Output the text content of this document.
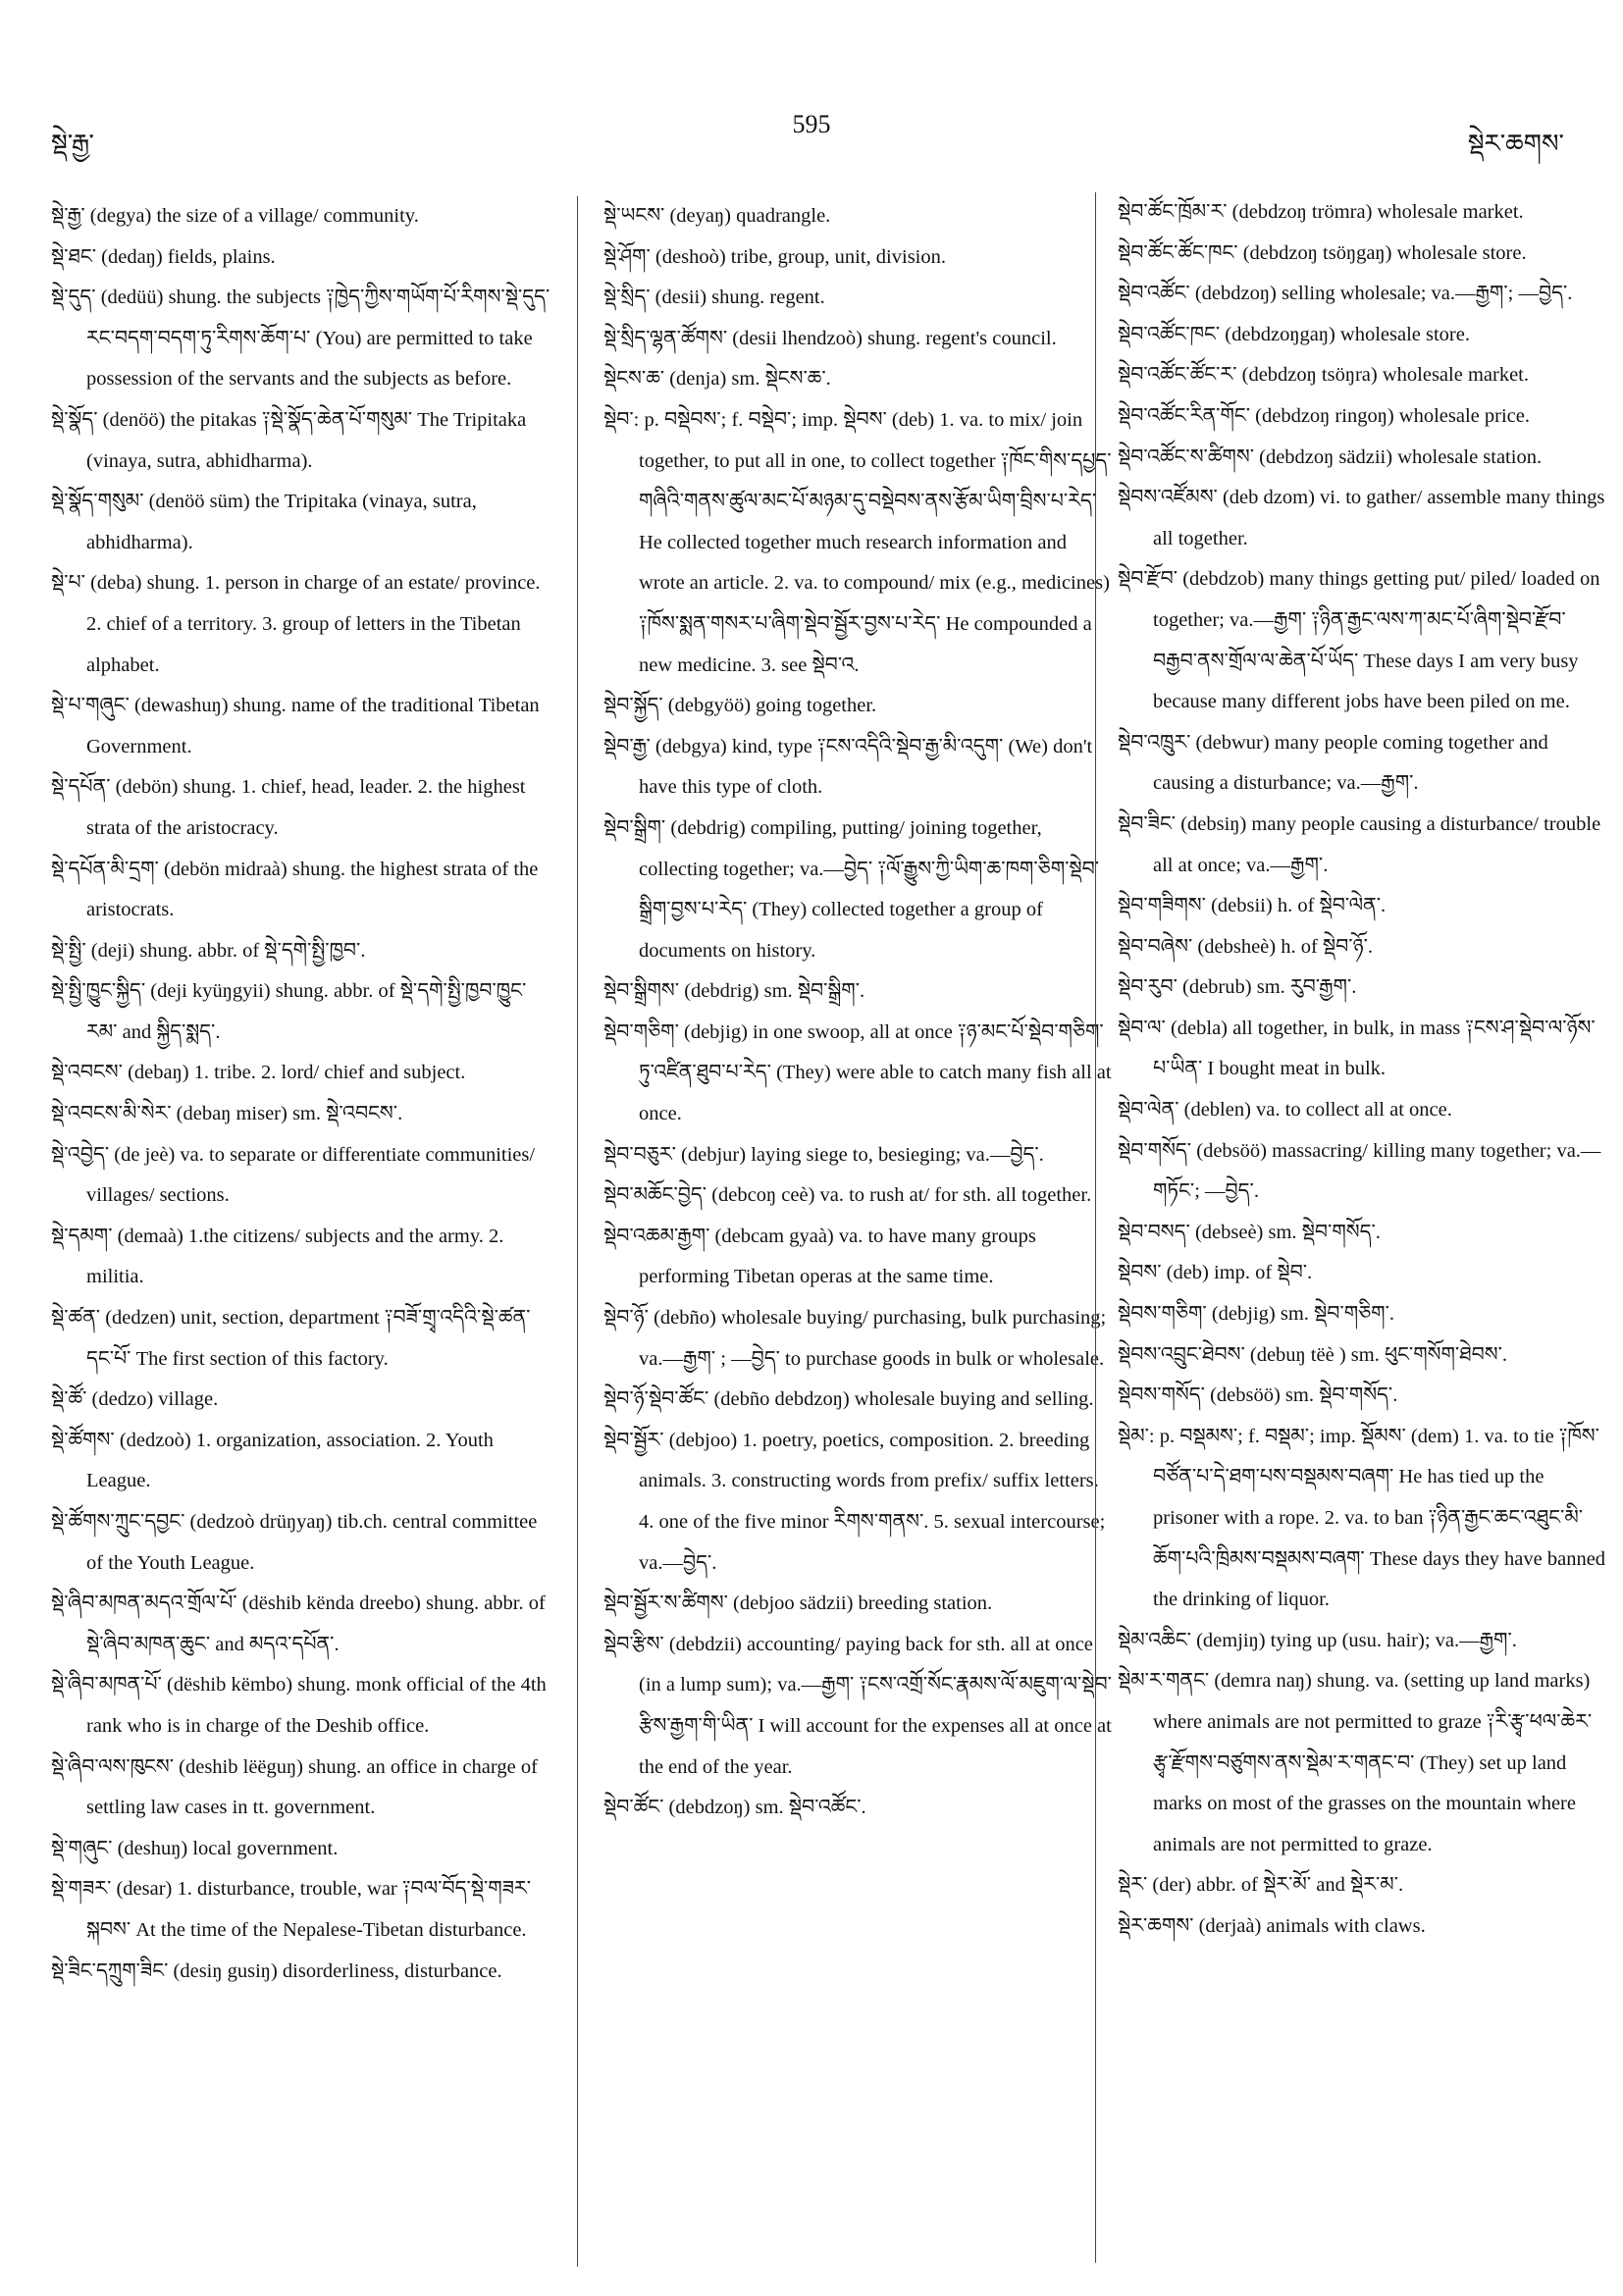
སྡེ་རྒྱ་
595
སྡེར་ཆགས་

སྡེ་རྒྱ་ (degya) the size of a village/ community.

སྡེ་ཐང་ (dedaŋ) fields, plains.

སྡེ་དུད་ (dedüü) shung. the subjects ༑ཁྱེད་ཀྱིས་གཡོག་པོ་རིགས་སྡེ་དུད་རང་བདག་བདག་ཏུ་རིགས་ཆོག་པ་ (You) are permitted to take possession of the servants and the subjects as before.

སྡེ་སྣོད་ (denöö) the pitakas ༑སྡེ་སྣོད་ཆེན་པོ་གསུམ་ The Tripitaka (vinaya, sutra, abhidharma).

སྡེ་སྣོད་གསུམ་ (denöö süm) the Tripitaka (vinaya, sutra, abhidharma).

སྡེ་པ་ (deba) shung. 1. person in charge of an estate/ province. 2. chief of a territory. 3. group of letters in the Tibetan alphabet.

སྡེ་པ་གཞུང་ (dewashuŋ) shung. name of the traditional Tibetan Government.

སྡེ་དཔོན་ (debön) shung. 1. chief, head, leader. 2. the highest strata of the aristocracy.

སྡེ་དཔོན་མི་དྲག་ (debön midraà) shung. the highest strata of the aristocrats.

སྡེ་སྤྱི་ (deji) shung. abbr. of སྡེ་དགེ་སྤྱི་ཁྱབ་.

སྡེ་སྤྱི་ཁྱུང་སྐྱིད་ (deji kyüŋgyii) shung. abbr. of སྡེ་དགེ་སྤྱི་ཁྱབ་ཁྱུང་རམ་ and སྐྱིད་སྨད་.

སྡེ་འབངས་ (debaŋ) 1. tribe. 2. lord/ chief and subject.

སྡེ་འབངས་མི་སེར་ (debaŋ miser) sm. སྡེ་འབངས་.

སྡེ་འབྱེད་ (de jeè) va. to separate or differentiate communities/ villages/ sections.

སྡེ་དམག་ (demaà) 1.the citizens/ subjects and the army. 2. militia.

སྡེ་ཚན་ (dedzen) unit, section, department ༑བཟོ་གྲྭ་འདིའི་སྡེ་ཚན་དང་པོ་ The first section of this factory.

སྡེ་ཚོ་ (dedzo) village.

སྡེ་ཚོགས་ (dedzoò) 1. organization, association. 2. Youth League.

སྡེ་ཚོགས་ཀྲུང་དབྱང་ (dedzoò drüŋyaŋ) tib.ch. central committee of the Youth League.

སྡེ་ཞིབ་མཁན་མདའ་གྲོལ་པོ་ (dëshib kënda dreebo) shung. abbr. of སྡེ་ཞིབ་མཁན་ཆུང་ and མདའ་དཔོན་.

སྡེ་ཞིབ་མཁན་པོ་ (dëshib këmbo) shung. monk official of the 4th rank who is in charge of the Deshib office.

སྡེ་ཞིབ་ལས་ཁུངས་ (deshib lëëguŋ) shung. an office in charge of settling law cases in tt. government.

སྡེ་གཞུང་ (deshuŋ) local government.

སྡེ་གཟར་ (desar) 1. disturbance, trouble, war ༑བལ་བོད་སྡེ་གཟར་སྐབས་ At the time of the Nepalese-Tibetan disturbance.

སྡེ་ཟིང་དཀྲུག་ཟིང་ (desiŋ gusiŋ) disorderliness, disturbance.

སྡེ་ཡངས་ (deyaŋ) quadrangle.

སྡེ་ཤོག་ (deshoò) tribe, group, unit, division.

སྡེ་སྲིད་ (desii) shung. regent.

སྡེ་སྲིད་ལྷན་ཚོགས་ (desii lhendzoò) shung. regent's council.

སྡེངས་ཆ་ (denja) sm. སྡེངས་ཆ་.

སྡེབ་: p. བསྡེབས་; f. བསྡེབ་; imp. སྡེབས་ (deb) 1. va. to mix/ join together, to put all in one, to collect together ༑ཁོང་གིས་དཔྱད་གཞིའི་གནས་ཚུལ་མང་པོ་མཉམ་དུ་བསྡེབས་ནས་རྩོམ་ཡིག་བྲིས་པ་རེད་ He collected together much research information and wrote an article. 2. va. to compound/ mix (e.g., medicines) ༑ཁོས་སྨན་གསར་པ་ཞིག་སྡེབ་སྦྱོར་བྱས་པ་རེད་ He compounded a new medicine. 3. see སྡེབ་འ.

སྡེབ་སྐྱོད་ (debgyöö) going together.

སྡེབ་རྒྱ་ (debgya) kind, type ༑ངས་འདིའི་སྡེབ་རྒྱ་མི་འདུག་ (We) don't have this type of cloth.

སྡེབ་སྒྲིག་ (debdrig) compiling, putting/ joining together, collecting together; va.—བྱེད་ ༑ལོ་རྒྱུས་ཀྱི་ཡིག་ཆ་ཁག་ཅིག་སྡེབ་སྒྲིག་བྱས་པ་རེད་ (They) collected together a group of documents on history.

སྡེབ་སྒྲིགས་ (debdrig) sm. སྡེབ་སྒྲིག་.

སྡེབ་གཅིག་ (debjig) in one swoop, all at once ༑ཉ་མང་པོ་སྡེབ་གཅིག་ཏུ་འཛིན་ཐུབ་པ་རེད་ (They) were able to catch many fish all at once.

སྡེབ་བཅུར་ (debjur) laying siege to, besieging; va.—བྱེད་.

སྡེབ་མཆོང་བྱེད་ (debcoŋ ceè) va. to rush at/ for sth. all together.

སྡེབ་འཆམ་རྒྱག་ (debcam gyaà) va. to have many groups performing Tibetan operas at the same time.

སྡེབ་ཉོ་ (debño) wholesale buying/ purchasing, bulk purchasing; va.—རྒྱག་ ; —བྱེད་ to purchase goods in bulk or wholesale.

སྡེབ་ཉོ་སྡེབ་ཚོང་ (debño debdzoŋ) wholesale buying and selling.

སྡེབ་སྦྱོར་ (debjoo) 1. poetry, poetics, composition. 2. breeding animals. 3. constructing words from prefix/ suffix letters. 4. one of the five minor རིགས་གནས་. 5. sexual intercourse; va.—བྱེད་.

སྡེབ་སྦྱོར་ས་ཚིགས་ (debjoo sädzii) breeding station.

སྡེབ་རྩིས་ (debdzii) accounting/ paying back for sth. all at once (in a lump sum); va.—རྒྱག་ ༑ངས་འགྲོ་སོང་རྣམས་ལོ་མཇུག་ལ་སྡེབ་རྩིས་རྒྱག་གི་ཡིན་ I will account for the expenses all at once at the end of the year.

སྡེབ་ཚོང་ (debdzoŋ) sm. སྡེབ་འཚོང་.

སྡེབ་ཚོང་ཁྲོམ་ར་ (debdzoŋ trömra) wholesale market.

སྡེབ་ཚོང་ཚོང་ཁང་ (debdzoŋ tsöŋgaŋ) wholesale store.

སྡེབ་འཚོང་ (debdzoŋ) selling wholesale; va.—རྒྱག་; —བྱེད་.

སྡེབ་འཚོང་ཁང་ (debdzoŋgaŋ) wholesale store.

སྡེབ་འཚོང་ཚོང་ར་ (debdzoŋ tsöŋra) wholesale market.

སྡེབ་འཚོང་རིན་གོང་ (debdzoŋ ringoŋ) wholesale price.

སྡེབ་འཚོང་ས་ཚིགས་ (debdzoŋ sädzii) wholesale station.

སྡེབས་འཛོམས་ (deb dzom) vi. to gather/ assemble many things all together.

སྡེབ་རྫོབ་ (debdzob) many things getting put/ piled/ loaded on together; va.—རྒྱག་ ༑ཉིན་རྒྱང་ལས་ཀ་མང་པོ་ཞིག་སྡེབ་རྫོབ་བརྒྱབ་ནས་གྲོལ་ལ་ཆེན་པོ་ཡོད་ These days I am very busy because many different jobs have been piled on me.

སྡེབ་འཁྲུར་ (debwur) many people coming together and causing a disturbance; va.—རྒྱག་.

སྡེབ་ཟིང་ (debsiŋ) many people causing a disturbance/ trouble all at once; va.—རྒྱག་.

སྡེབ་གཟིགས་ (debsii) h. of སྡེབ་ལེན་.

སྡེབ་བཞེས་ (debsheè) h. of སྡེབ་ཉོ་.

སྡེབ་རུབ་ (debrub) sm. རུབ་རྒྱག་.

སྡེབ་ལ་ (debla) all together, in bulk, in mass ༑ངས་ཤ་སྡེབ་ལ་ཉོས་པ་ཡིན་ I bought meat in bulk.

སྡེབ་ལེན་ (deblen) va. to collect all at once.

སྡེབ་གསོད་ (debsöö) massacring/ killing many together; va.—གཏོང་; —བྱེད་.

སྡེབ་བསད་ (debseè) sm. སྡེབ་གསོད་.

སྡེབས་ (deb) imp. of སྡེབ་.

སྡེབས་གཅིག་ (debjig) sm. སྡེབ་གཅིག་.

སྡེབས་འབྲུང་ཐེབས་ (debuŋ tëè ) sm. ཕུང་གསོག་ཐེབས་.

སྡེབས་གསོད་ (debsöö) sm. སྡེབ་གསོད་.

སྡེམ་: p. བསྡམས་; f. བསྡམ་; imp. སྡོམས་ (dem) 1. va. to tie ༑ཁོས་བཙོན་པ་དེ་ཐག་པས་བསྡམས་བཞག་ He has tied up the prisoner with a rope. 2. va. to ban ༑ཉིན་རྒྱང་ཆང་འཐུང་མི་ཆོག་པའི་ཁྲིམས་བསྡམས་བཞག་ These days they have banned the drinking of liquor.

སྡེམ་འཆིང་ (demjiŋ) tying up (usu. hair); va.—རྒྱག་.

སྡེམ་ར་གནང་ (demra naŋ) shung. va. (setting up land marks) where animals are not permitted to graze ༑རི་རྩྭ་ཕལ་ཆེར་རྩྭ་རྫོགས་བཙུགས་ནས་སྡེམ་ར་གནང་བ་ (They) set up land marks on most of the grasses on the mountain where animals are not permitted to graze.

སྡེར་ (der) abbr. of སྡེར་མོ་ and སྡེར་མ་.

སྡེར་ཆགས་ (derjaà) animals with claws.
